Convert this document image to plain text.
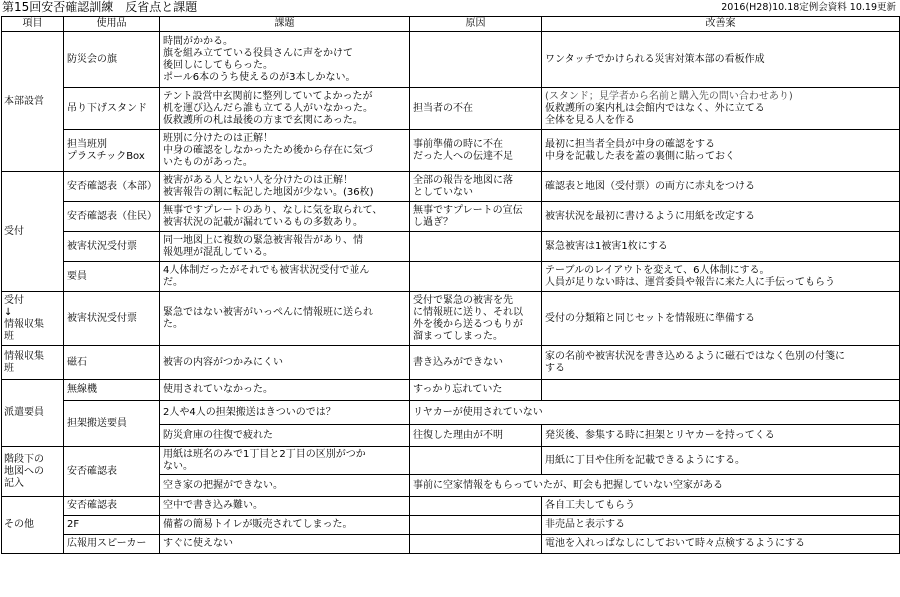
第15回安否確認訓練　反省点と課題	2016(H28)10.18定例会資料 10.19更新
項目	使用品	課題	原因	改善案
本部設営	防災会の旗	時間がかかる。
旗を組み立てている役員さんに声をかけて
後回しにしてもらった。
ポール6本のうち使えるのが3本しかない。		ワンタッチでかけられる災害対策本部の看板作成

	吊り下げスタンド	テント設営中玄関前に整列していてよかったが
机を運び込んだら誰も立てる人がいなかった。
仮救護所の札は最後の方まで玄関にあった。	担当者の不在	(スタンド；見学者から名前と購入先の問い合わせあり)
仮救護所の案内札は会館内ではなく、外に立てる
全体を見る人を作る

	担当班別
プラスチックBox	班別に分けたのは正解！
中身の確認をしなかったため後から存在に気づ
いたものがあった。	事前準備の時に不在
だった人への伝達不足	最初に担当者全員が中身の確認をする
中身を記載した表を蓋の裏側に貼っておく

受付	安否確認表（本部）	被害がある人とない人を分けたのは正解！
被害報告の割に転記した地図が少ない。(36枚)	全部の報告を地図に落
としていない	確認表と地図（受付票）の両方に赤丸をつける

	安否確認表（住民）	無事ですプレートのあり、なしに気を取られて、
被害状況の記載が漏れているもの多数あり。	無事ですプレートの宣伝
し過ぎ？	被害状況を最初に書けるように用紙を改定する

	被害状況受付票	同一地図上に複数の緊急被害報告があり、情
報処理が混乱している。		緊急被害は1被害1枚にする

	要員	4人体制だったがそれでも被害状況受付で並ん
だ。		テーブルのレイアウトを変えて、6人体制にする。
人員が足りない時は、運営委員や報告に来た人に手伝ってもらう

受付
↓
情報収集
班	被害状況受付票	緊急ではない被害がいっぺんに情報班に送られ
た。	受付で緊急の被害を先
に情報班に送り、それ以
外を後から送るつもりが
溜まってしまった。	受付の分類箱と同じセットを情報班に準備する

情報収集
班	磁石	被害の内容がつかみにくい	書き込みができない	家の名前や被害状況を書き込めるように磁石ではなく色別の付箋に
する

派遣要員	無線機	使用されていなかった。	すっかり忘れていた	

	担架搬送要員	2人や4人の担架搬送はきついのでは？	リヤカーが使用されていない	

		防災倉庫の往復で疲れた	往復した理由が不明	発災後、参集する時に担架とリヤカーを持ってくる

階段下の
地図への
記入	安否確認表	用紙は班名のみで1丁目と2丁目の区別がつか
ない。		用紙に丁目や住所を記載できるようにする。

		空き家の把握ができない。	事前に空家情報をもらっていたが、町会も把握していない空家がある	

その他	安否確認表	空中で書き込み難い。		各自工夫してもらう

	2F	備蓄の簡易トイレが販売されてしまった。		非売品と表示する

	広報用スピーカー	すぐに使えない		電池を入れっぱなしにしておいて時々点検するようにする
